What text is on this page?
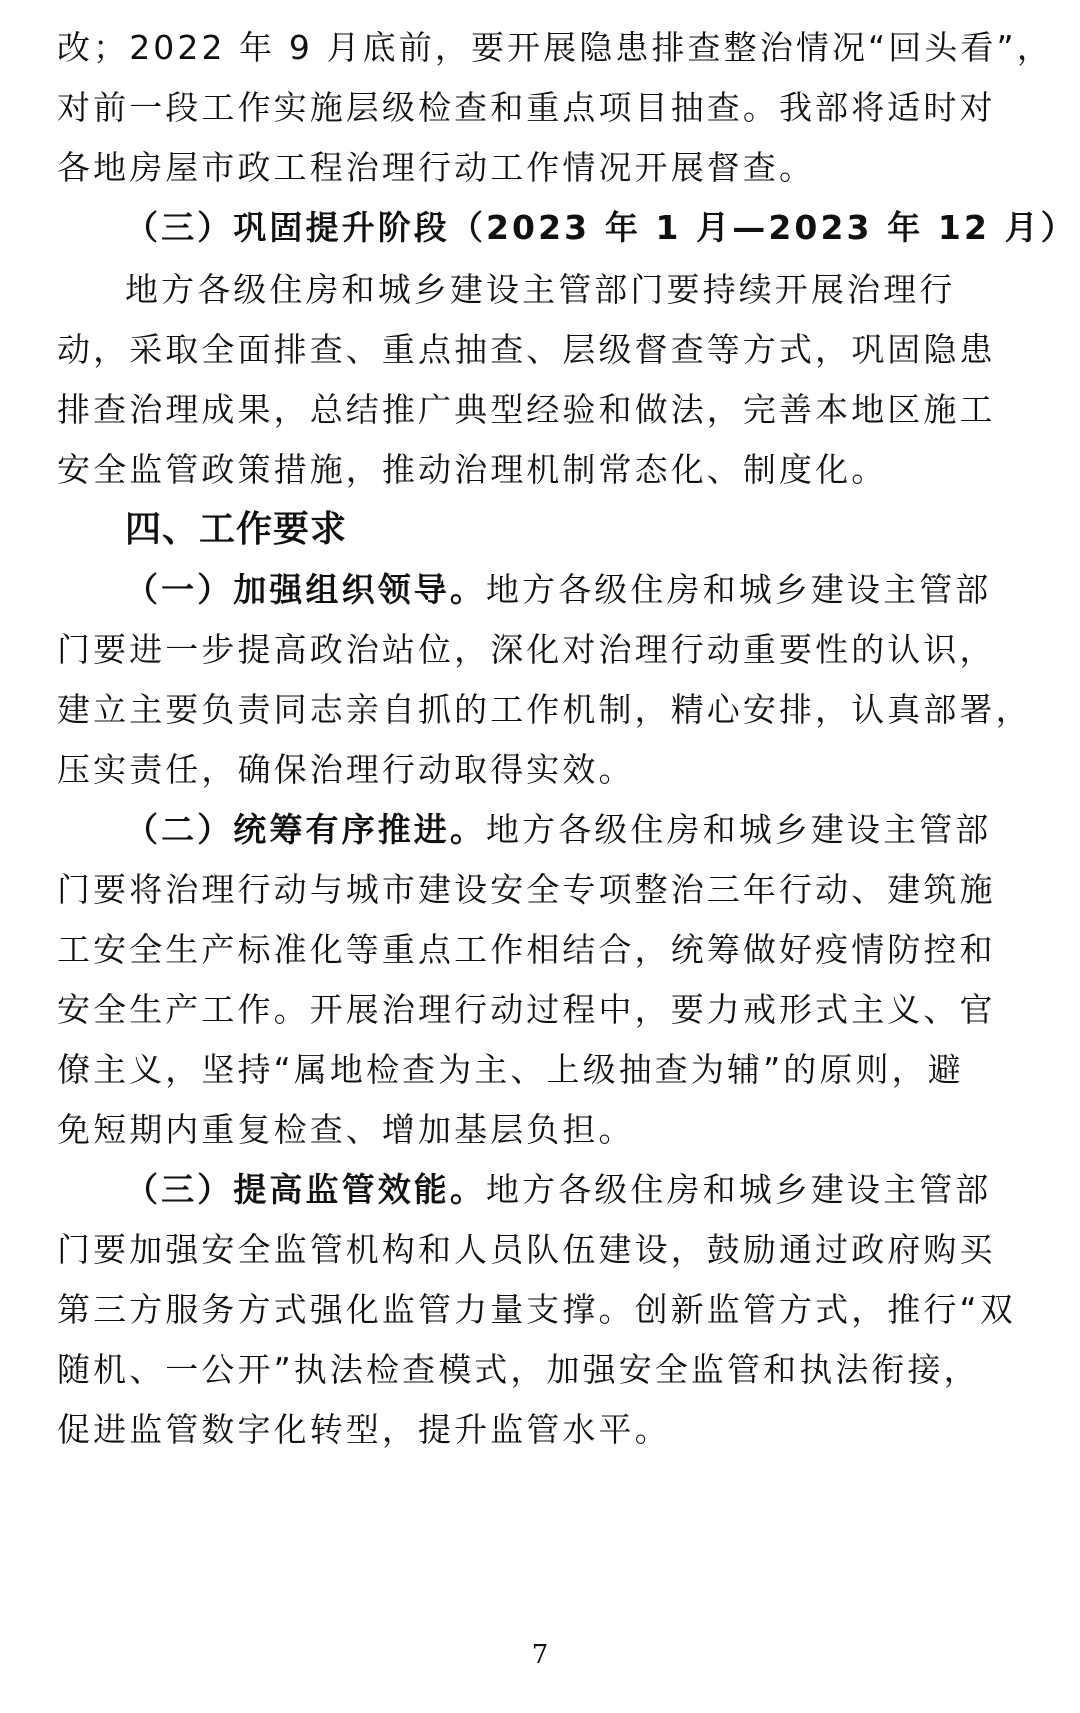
改；2022 年 9 月底前，要开展隐患排查整治情况“回头看”，
对前一段工作实施层级检查和重点项目抽查。我部将适时对
各地房屋市政工程治理行动工作情况开展督查。
（三）巩固提升阶段（2023 年 1 月—2023 年 12 月）
地方各级住房和城乡建设主管部门要持续开展治理行
动，采取全面排查、重点抽查、层级督查等方式，巩固隐患
排查治理成果，总结推广典型经验和做法，完善本地区施工
安全监管政策措施，推动治理机制常态化、制度化。
四、工作要求
（一）加强组织领导。地方各级住房和城乡建设主管部
门要进一步提高政治站位，深化对治理行动重要性的认识，
建立主要负责同志亲自抓的工作机制，精心安排，认真部署，
压实责任，确保治理行动取得实效。
（二）统筹有序推进。地方各级住房和城乡建设主管部
门要将治理行动与城市建设安全专项整治三年行动、建筑施
工安全生产标准化等重点工作相结合，统筹做好疫情防控和
安全生产工作。开展治理行动过程中，要力戒形式主义、官
僚主义，坚持“属地检查为主、上级抽查为辅”的原则，避
免短期内重复检查、增加基层负担。
（三）提高监管效能。地方各级住房和城乡建设主管部
门要加强安全监管机构和人员队伍建设，鼓励通过政府购买
第三方服务方式强化监管力量支撑。创新监管方式，推行“双
随机、一公开”执法检查模式，加强安全监管和执法衔接，
促进监管数字化转型，提升监管水平。
7
